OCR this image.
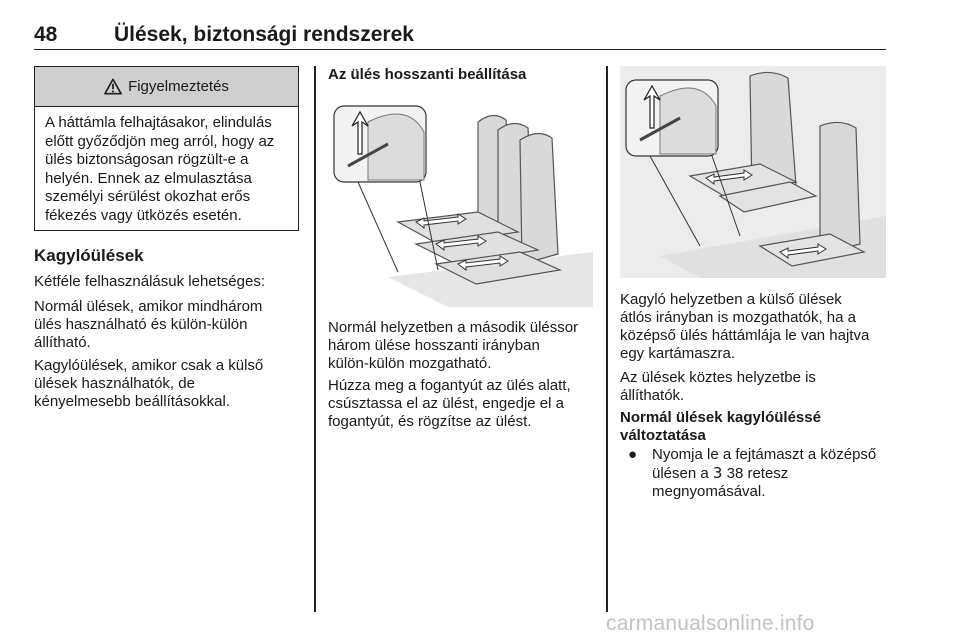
48	Ülések, biztonsági rendszerek
Figyelmeztetés
A háttámla felhajtásakor, elindulás
előtt győződjön meg arról, hogy az
ülés biztonságosan rögzült-e a
helyén. Ennek az elmulasztása
személyi sérülést okozhat erős
fékezés vagy ütközés esetén.
Kagylóülések
Kétféle felhasználásuk lehetséges:
Normál ülések, amikor mindhárom
ülés használható és külön-külön
állítható.
Kagylóülések, amikor csak a külső
ülések használhatók, de
kényelmesebb beállításokkal.
Az ülés hosszanti beállítása
Normál helyzetben a második üléssor
három ülése hosszanti irányban
külön-külön mozgatható.
Húzza meg a fogantyút az ülés alatt,
csúsztassa el az ülést, engedje el a
fogantyút, és rögzítse az ülést.
Kagyló helyzetben a külső ülések
átlós irányban is mozgathatók, ha a
középső ülés háttámlája le van hajtva
egy kartámaszra.
Az ülések köztes helyzetbe is
állíthatók.
Normál ülések kagylóüléssé
változtatása
● Nyomja le a fejtámaszt a középső
ülésen a 3 38 retesz
megnyomásával.
carmanualsonline.info
